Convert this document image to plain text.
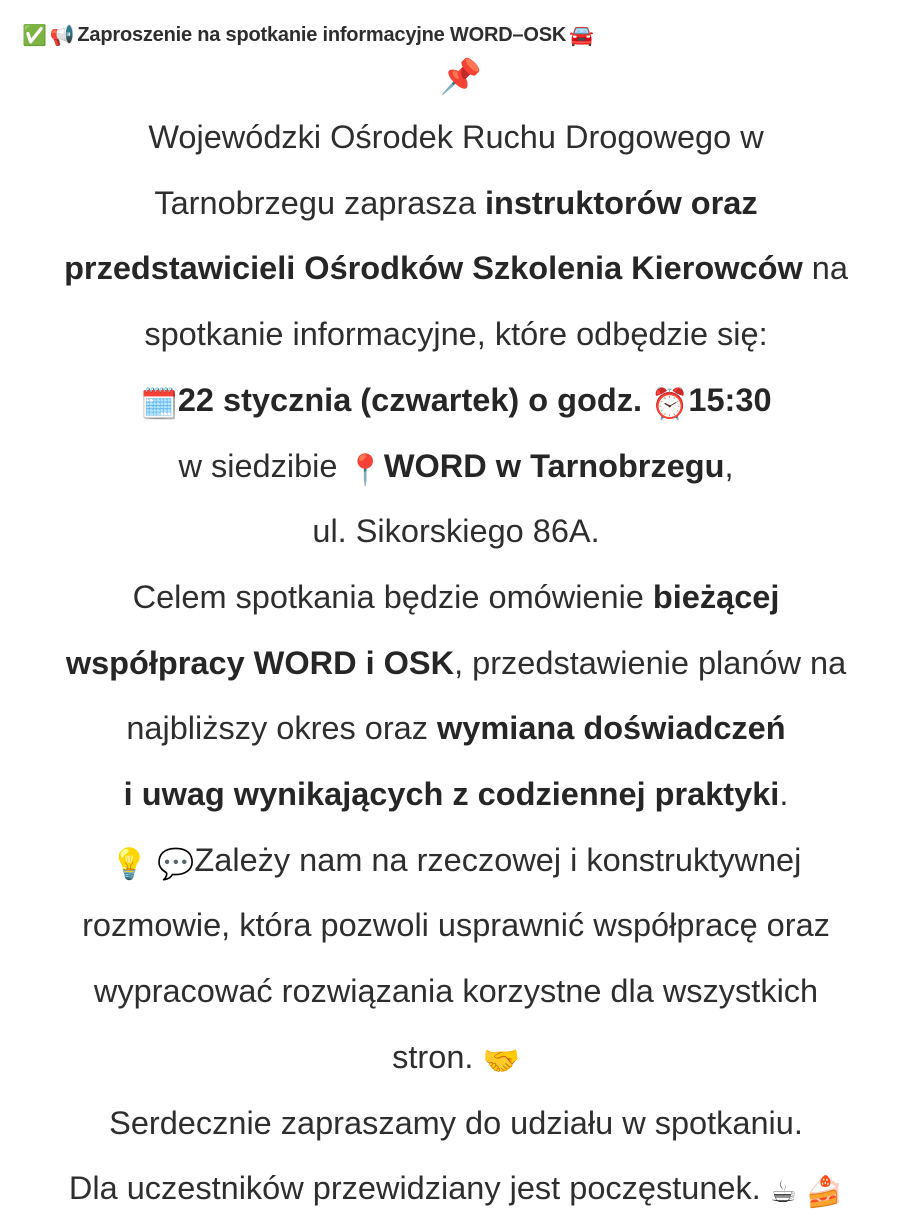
✅ 📢 Zaproszenie na spotkanie informacyjne WORD–OSK 🚘
📌
Wojewódzki Ośrodek Ruchu Drogowego w
Tarnobrzegu zaprasza instruktorów oraz
przedstawicieli Ośrodków Szkolenia Kierowców na
spotkanie informacyjne, które odbędzie się:
🗓️22 stycznia (czwartek) o godz. ⏰15:30
w siedzibie 📍WORD w Tarnobrzegu,
ul. Sikorskiego 86A.
Celem spotkania będzie omówienie bieżącej
współpracy WORD i OSK, przedstawienie planów na
najbliższy okres oraz wymiana doświadczeń
i uwag wynikających z codziennej praktyki.
💡 💬Zależy nam na rzeczowej i konstruktywnej
rozmowie, która pozwoli usprawnić współpracę oraz
wypracować rozwiązania korzystne dla wszystkich
stron. 🤝
Serdecznie zapraszamy do udziału w spotkaniu.
Dla uczestników przewidziany jest poczęstunek. ☕ 🍰
